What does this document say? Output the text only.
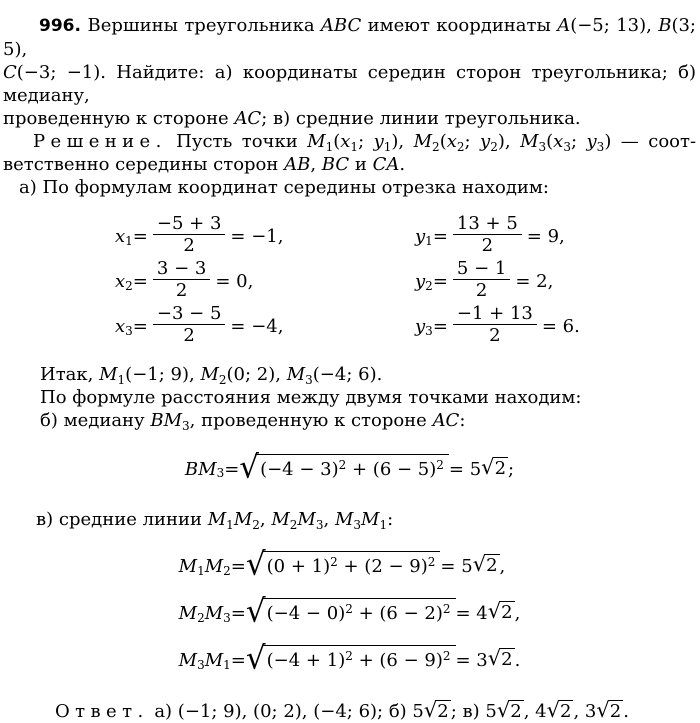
996. Вершины треугольника ABC имеют координаты A(−5; 13), B(3; 5),
C(−3; −1). Найдите: а) координаты середин сторон треугольника; б) медиану,
проведенную к стороне AC; в) средние линии треугольника.
Решение. Пусть точки $M_1(x_1$; $y_1$), $M_2(x_2$; $y_2$), $M_3(x_3$; $y_3$) — соот-
ветственно середины сторон AB, BC и CA.
а) По формулам координат середины отрезка находим:
$x_1 = \frac{-5 + 3}{2} = -1$,	$y_1 = \frac{13 + 5}{2} = 9$,
$x_2 = \frac{3 - 3}{2} = 0$,	$y_2 = \frac{5 - 1}{2} = 2$,
$x_3 = \frac{-3 - 5}{2} = -4$,	$y_3 = \frac{-1 + 13}{2} = 6$.
Итак, $M_1(-1$; 9), $M_2(0$; 2), $M_3(-4$; 6).
По формуле расстояния между двумя точками находим:
б) медиану $BM_3$, проведенную к стороне AC:
$BM_3$ = √ $(-4 - 3)^2 + (6 - 5)^2 = 5$ √ 2 ;
в) средние линии $M_1M_2$, $M_2M_3$, $M_3M_1$:
$M_1$ $M_2$ = √ $(0 + 1)^2 + (2 - 9)^2 = 5$ √ 2 ,
$M_2$ $M_3$ = √ $(-4 - 0)^2 + (6 - 2)^2 = 4$ √ 2 ,
$M_3$ $M_1$ = √ $(-4 + 1)^2 + (6 - 9)^2 = 3$ √ 2 .
Ответ. а) (−1; 9), (0; 2), (−4; 6); б) 5 √ 2 ; в) 5 √ 2 , 4 √ 2 , 3 √ 2 .
